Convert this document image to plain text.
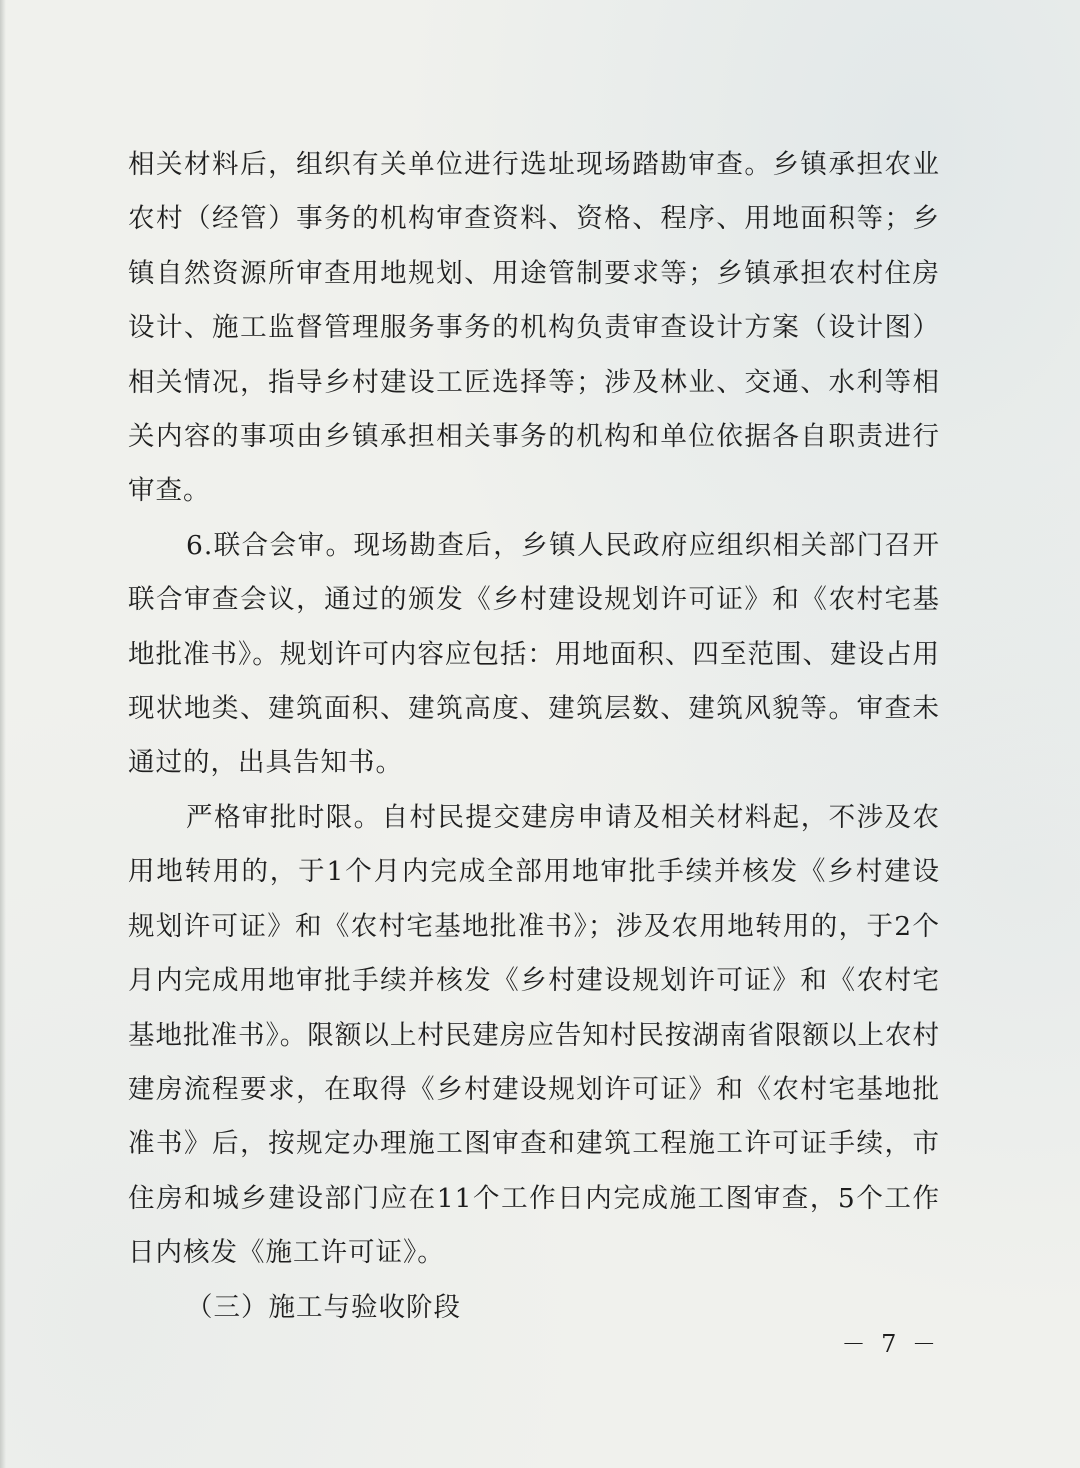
相关材料后，组织有关单位进行选址现场踏勘审查。乡镇承担农业农村（经管）事务的机构审查资料、资格、程序、用地面积等；乡镇自然资源所审查用地规划、用途管制要求等；乡镇承担农村住房设计、施工监督管理服务事务的机构负责审查设计方案（设计图）相关情况，指导乡村建设工匠选择等；涉及林业、交通、水利等相关内容的事项由乡镇承担相关事务的机构和单位依据各自职责进行审查。

6.联合会审。现场勘查后，乡镇人民政府应组织相关部门召开联合审查会议，通过的颁发《乡村建设规划许可证》和《农村宅基地批准书》。规划许可内容应包括：用地面积、四至范围、建设占用现状地类、建筑面积、建筑高度、建筑层数、建筑风貌等。审查未通过的，出具告知书。

严格审批时限。自村民提交建房申请及相关材料起，不涉及农用地转用的，于1个月内完成全部用地审批手续并核发《乡村建设规划许可证》和《农村宅基地批准书》；涉及农用地转用的，于2个月内完成用地审批手续并核发《乡村建设规划许可证》和《农村宅基地批准书》。限额以上村民建房应告知村民按湖南省限额以上农村建房流程要求，在取得《乡村建设规划许可证》和《农村宅基地批准书》后，按规定办理施工图审查和建筑工程施工许可证手续，市住房和城乡建设部门应在11个工作日内完成施工图审查，5个工作日内核发《施工许可证》。

（三）施工与验收阶段

－ 7 －
